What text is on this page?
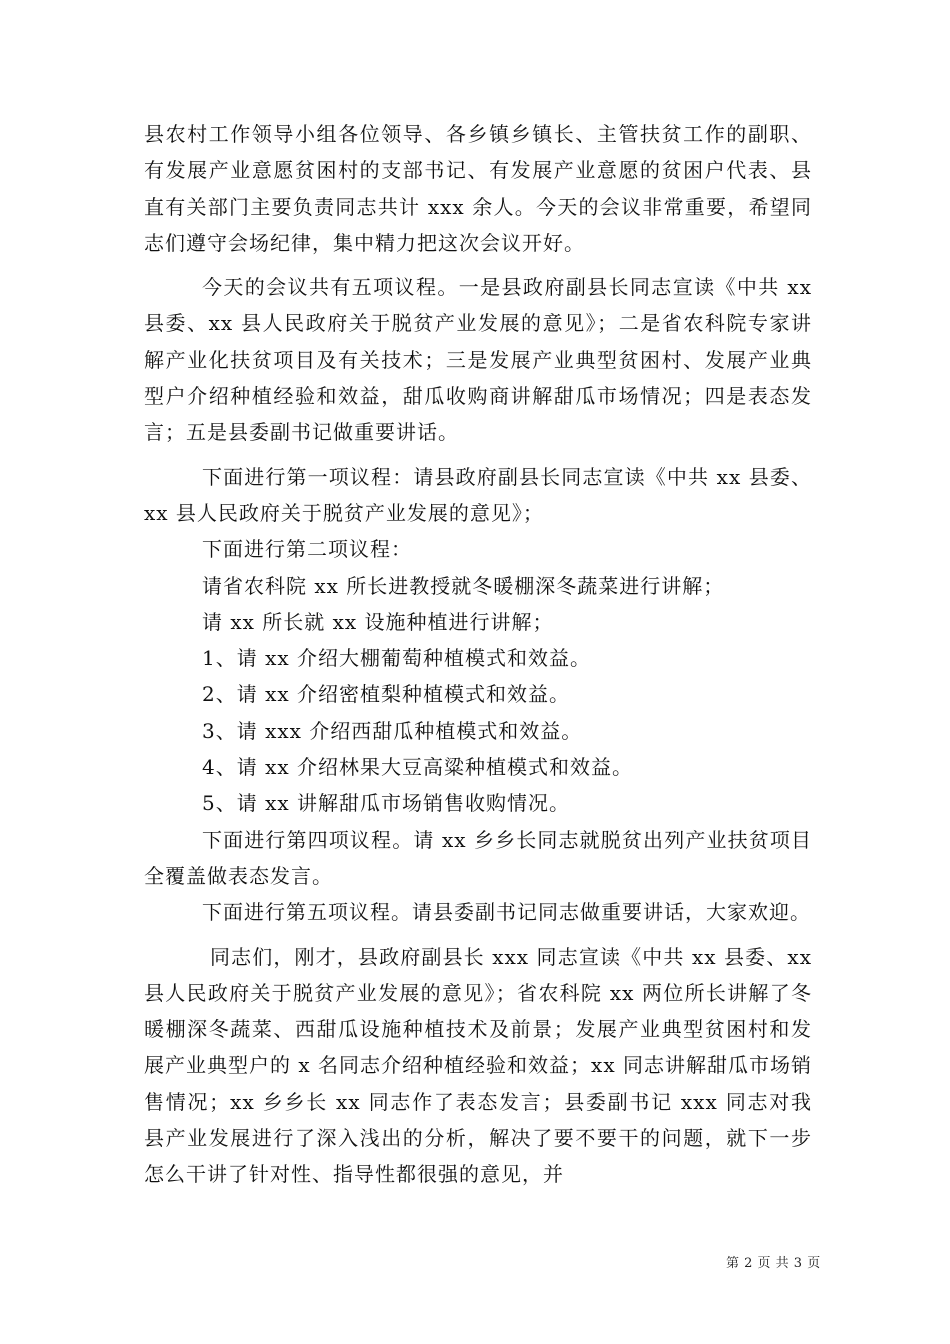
县农村工作领导小组各位领导、各乡镇乡镇长、主管扶贫工作的副职、有发展产业意愿贫困村的支部书记、有发展产业意愿的贫困户代表、县直有关部门主要负责同志共计 xxx 余人。今天的会议非常重要，希望同志们遵守会场纪律，集中精力把这次会议开好。

今天的会议共有五项议程。一是县政府副县长同志宣读《中共 xx 县委、xx 县人民政府关于脱贫产业发展的意见》；二是省农科院专家讲解产业化扶贫项目及有关技术；三是发展产业典型贫困村、发展产业典型户介绍种植经验和效益，甜瓜收购商讲解甜瓜市场情况；四是表态发言；五是县委副书记做重要讲话。

下面进行第一项议程：请县政府副县长同志宣读《中共 xx 县委、xx 县人民政府关于脱贫产业发展的意见》；

下面进行第二项议程：

请省农科院 xx 所长进教授就冬暖棚深冬蔬菜进行讲解；

请 xx 所长就 xx 设施种植进行讲解；

1、请 xx 介绍大棚葡萄种植模式和效益。

2、请 xx 介绍密植梨种植模式和效益。

3、请 xxx 介绍西甜瓜种植模式和效益。

4、请 xx 介绍林果大豆高粱种植模式和效益。

5、请 xx 讲解甜瓜市场销售收购情况。

下面进行第四项议程。请 xx 乡乡长同志就脱贫出列产业扶贫项目全覆盖做表态发言。

下面进行第五项议程。请县委副书记同志做重要讲话，大家欢迎。

同志们，刚才，县政府副县长 xxx 同志宣读《中共 xx 县委、xx 县人民政府关于脱贫产业发展的意见》；省农科院 xx 两位所长讲解了冬暖棚深冬蔬菜、西甜瓜设施种植技术及前景；发展产业典型贫困村和发展产业典型户的 x 名同志介绍种植经验和效益；xx 同志讲解甜瓜市场销售情况；xx 乡乡长 xx 同志作了表态发言；县委副书记 xxx 同志对我县产业发展进行了深入浅出的分析，解决了要不要干的问题，就下一步怎么干讲了针对性、指导性都很强的意见，并

第 2 页 共 3 页
